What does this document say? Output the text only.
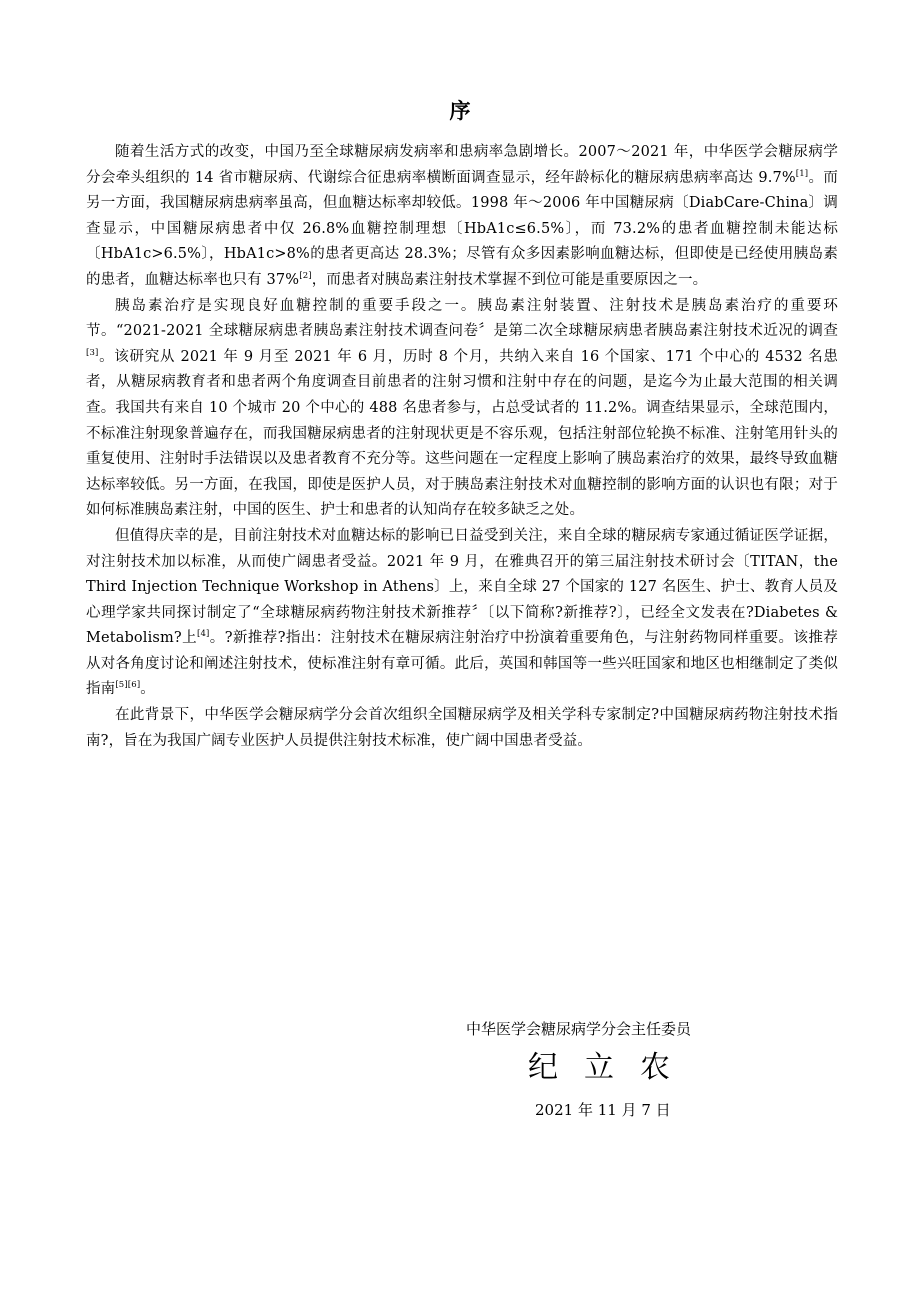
序

随着生活方式的改变，中国乃至全球糖尿病发病率和患病率急剧增长。2007～2021 年，中华医学会糖尿病学分会牵头组织的 14 省市糖尿病、代谢综合征患病率横断面调查显示，经年龄标化的糖尿病患病率高达 9.7%[1]。而另一方面，我国糖尿病患病率虽高，但血糖达标率却较低。1998 年～2006 年中国糖尿病〔DiabCare-China〕调查显示，中国糖尿病患者中仅 26.8%血糖控制理想〔HbA1c≤6.5%〕，而 73.2%的患者血糖控制未能达标〔HbA1c>6.5%〕，HbA1c>8%的患者更高达 28.3%；尽管有众多因素影响血糖达标，但即使是已经使用胰岛素的患者，血糖达标率也只有 37%[2]，而患者对胰岛素注射技术掌握不到位可能是重要原因之一。

胰岛素治疗是实现良好血糖控制的重要手段之一。胰岛素注射装置、注射技术是胰岛素治疗的重要环节。“2021-2021 全球糖尿病患者胰岛素注射技术调查问卷〞是第二次全球糖尿病患者胰岛素注射技术近况的调查[3]。该研究从 2021 年 9 月至 2021 年 6 月，历时 8 个月，共纳入来自 16 个国家、171 个中心的 4532 名患者，从糖尿病教育者和患者两个角度调查目前患者的注射习惯和注射中存在的问题，是迄今为止最大范围的相关调查。我国共有来自 10 个城市 20 个中心的 488 名患者参与，占总受试者的 11.2%。调查结果显示，全球范围内，不标准注射现象普遍存在，而我国糖尿病患者的注射现状更是不容乐观，包括注射部位轮换不标准、注射笔用针头的重复使用、注射时手法错误以及患者教育不充分等。这些问题在一定程度上影响了胰岛素治疗的效果，最终导致血糖达标率较低。另一方面，在我国，即使是医护人员，对于胰岛素注射技术对血糖控制的影响方面的认识也有限；对于如何标准胰岛素注射，中国的医生、护士和患者的认知尚存在较多缺乏之处。

但值得庆幸的是，目前注射技术对血糖达标的影响已日益受到关注，来自全球的糖尿病专家通过循证医学证据，对注射技术加以标准，从而使广阔患者受益。2021 年 9 月，在雅典召开的第三届注射技术研讨会〔TITAN，the Third Injection Technique Workshop in Athens〕上，来自全球 27 个国家的 127 名医生、护士、教育人员及心理学家共同探讨制定了“全球糖尿病药物注射技术新推荐〞〔以下简称?新推荐?〕，已经全文发表在?Diabetes & Metabolism?上[4]。?新推荐?指出：注射技术在糖尿病注射治疗中扮演着重要角色，与注射药物同样重要。该推荐从对各角度讨论和阐述注射技术，使标准注射有章可循。此后，英国和韩国等一些兴旺国家和地区也相继制定了类似指南[5][6]。

在此背景下，中华医学会糖尿病学分会首次组织全国糖尿病学及相关学科专家制定?中国糖尿病药物注射技术指南?，旨在为我国广阔专业医护人员提供注射技术标准，使广阔中国患者受益。

中华医学会糖尿病学分会主任委员
纪立农
2021 年 11 月 7 日
